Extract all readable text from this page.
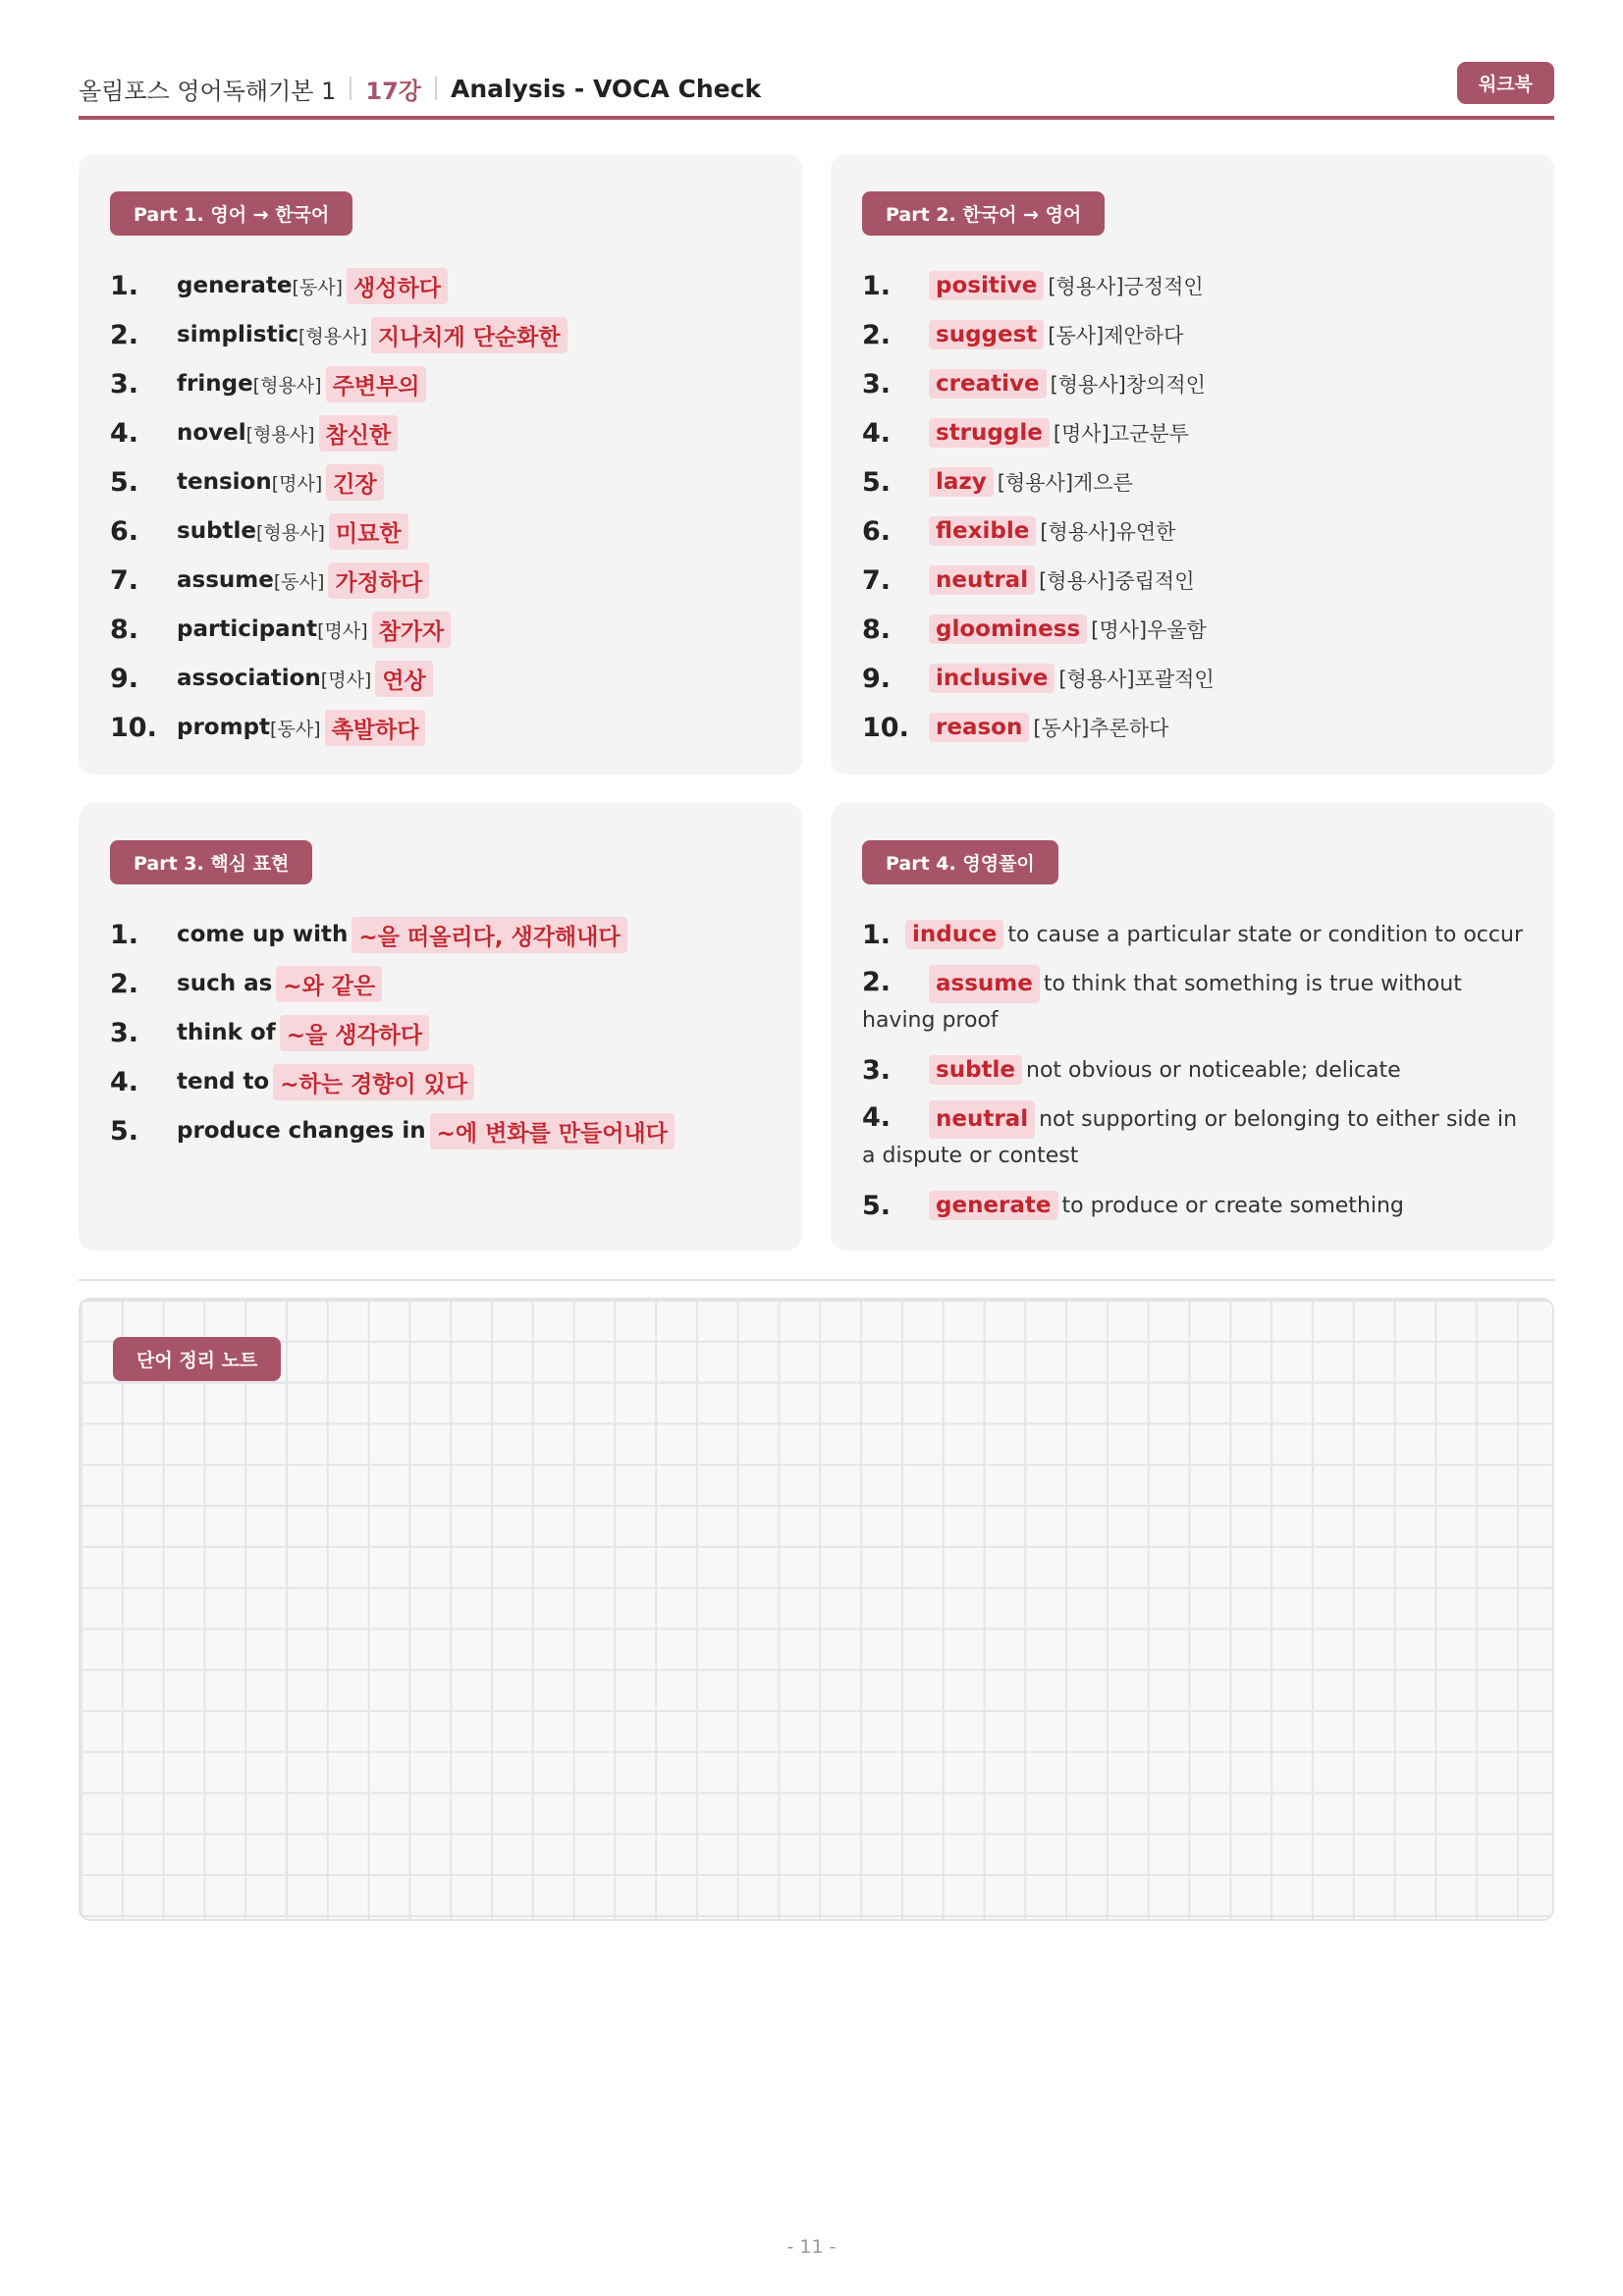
올림포스 영어독해기본 1 17강 Analysis - VOCA Check	워크북
Part 1. 영어 → 한국어
1.	generate [동사] 생성하다
2.	simplistic [형용사] 지나치게 단순화한
3.	fringe [형용사] 주변부의
4.	novel [형용사] 참신한
5.	tension [명사] 긴장
6.	subtle [형용사] 미묘한
7.	assume [동사] 가정하다
8.	participant [명사] 참가자
9.	association [명사] 연상
10. prompt [동사] 촉발하다
Part 2. 한국어 → 영어
1.	positive [형용사]긍정적인
2.	suggest [동사]제안하다
3.	creative [형용사]창의적인
4.	struggle [명사]고군분투
5.	lazy [형용사]게으른
6.	flexible [형용사]유연한
7.	neutral [형용사]중립적인
8.	gloominess [명사]우울함
9.	inclusive [형용사]포괄적인
10.	reason [동사]추론하다
Part 3. 핵심 표현
1.	come up with ~을 떠올리다, 생각해내다
2.	such as ~와 같은
3.	think of ~을 생각하다
4.	tend to ~하는 경향이 있다
5.	produce changes in ~에 변화를 만들어내다
Part 4. 영영풀이
1. induce to cause a particular state or condition to occur
2. assume to think that something is true without having proof
3.	subtle not obvious or noticeable; delicate
4. neutral not supporting or belonging to either side in a dispute or contest
5.	generate to produce or create something
단어 정리 노트
- 11 -
